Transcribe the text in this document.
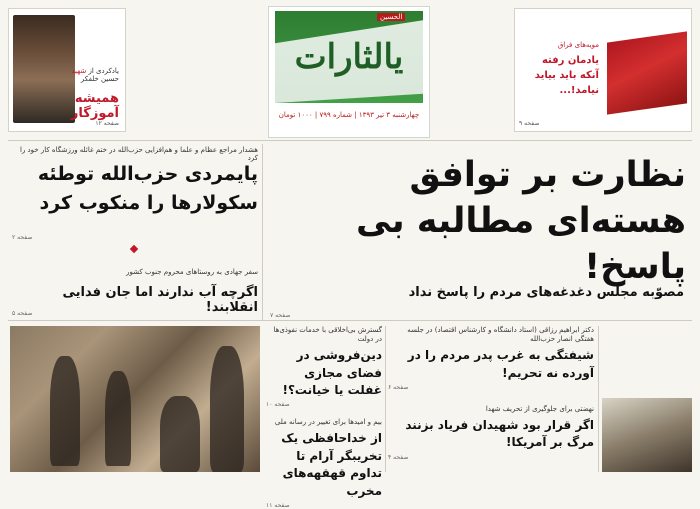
یادکردی از شهید حسین خلفکر
همیشه آموزگار
صفحه ۱۲
الحسین
یالثارات
چهارشنبه ۳ تیر ۱۳۹۳ | شماره ۷۹۹ | ۱۰۰۰ تومان
مویه‌های فراق
یادمان رفته
آنکه باید بیاید
نیامد!...
صفحه ۹
نظارت بر توافق هسته‌ای مطالبه بی پاسخ!
مصوّبه مجلس دغدغه‌های مردم را پاسخ نداد
صفحه ۷
هشدار مراجع عظام و علما و هم‌افزایی حزب‌الله در ختم غائله ورزشگاه کار خود را کرد
پایمردی حزب‌الله توطئه سکولارها را منکوب کرد
صفحه ۲
سفر جهادی به روستاهای محروم جنوب کشور
اگرچه آب ندارند اما جان فدایی انقلابند!
صفحه ۵
گسترش بی‌اخلاقی با خدمات نفوذی‌ها در دولت
دین‌فروشی در فضای مجازی غفلت یا خیانت؟!
صفحه ۱۰
بیم و امیدها برای تغییر در رسانه ملی
از خداحافظی یک تخریبگر آرام تا تداوم قهقهه‌های مخرب
صفحه ۱۱
دکتر ابراهیم رزاقی (استاد دانشگاه و کارشناس اقتصاد) در جلسه هفتگی انصار حزب‌الله
شیفتگی به غرب پدر مردم را در آورده نه تحریم!
صفحه ۶
نهضتی برای جلوگیری از تحریف شهدا
اگر قرار بود شهیدان فریاد بزنند مرگ بر آمریکا!
صفحه ۴
